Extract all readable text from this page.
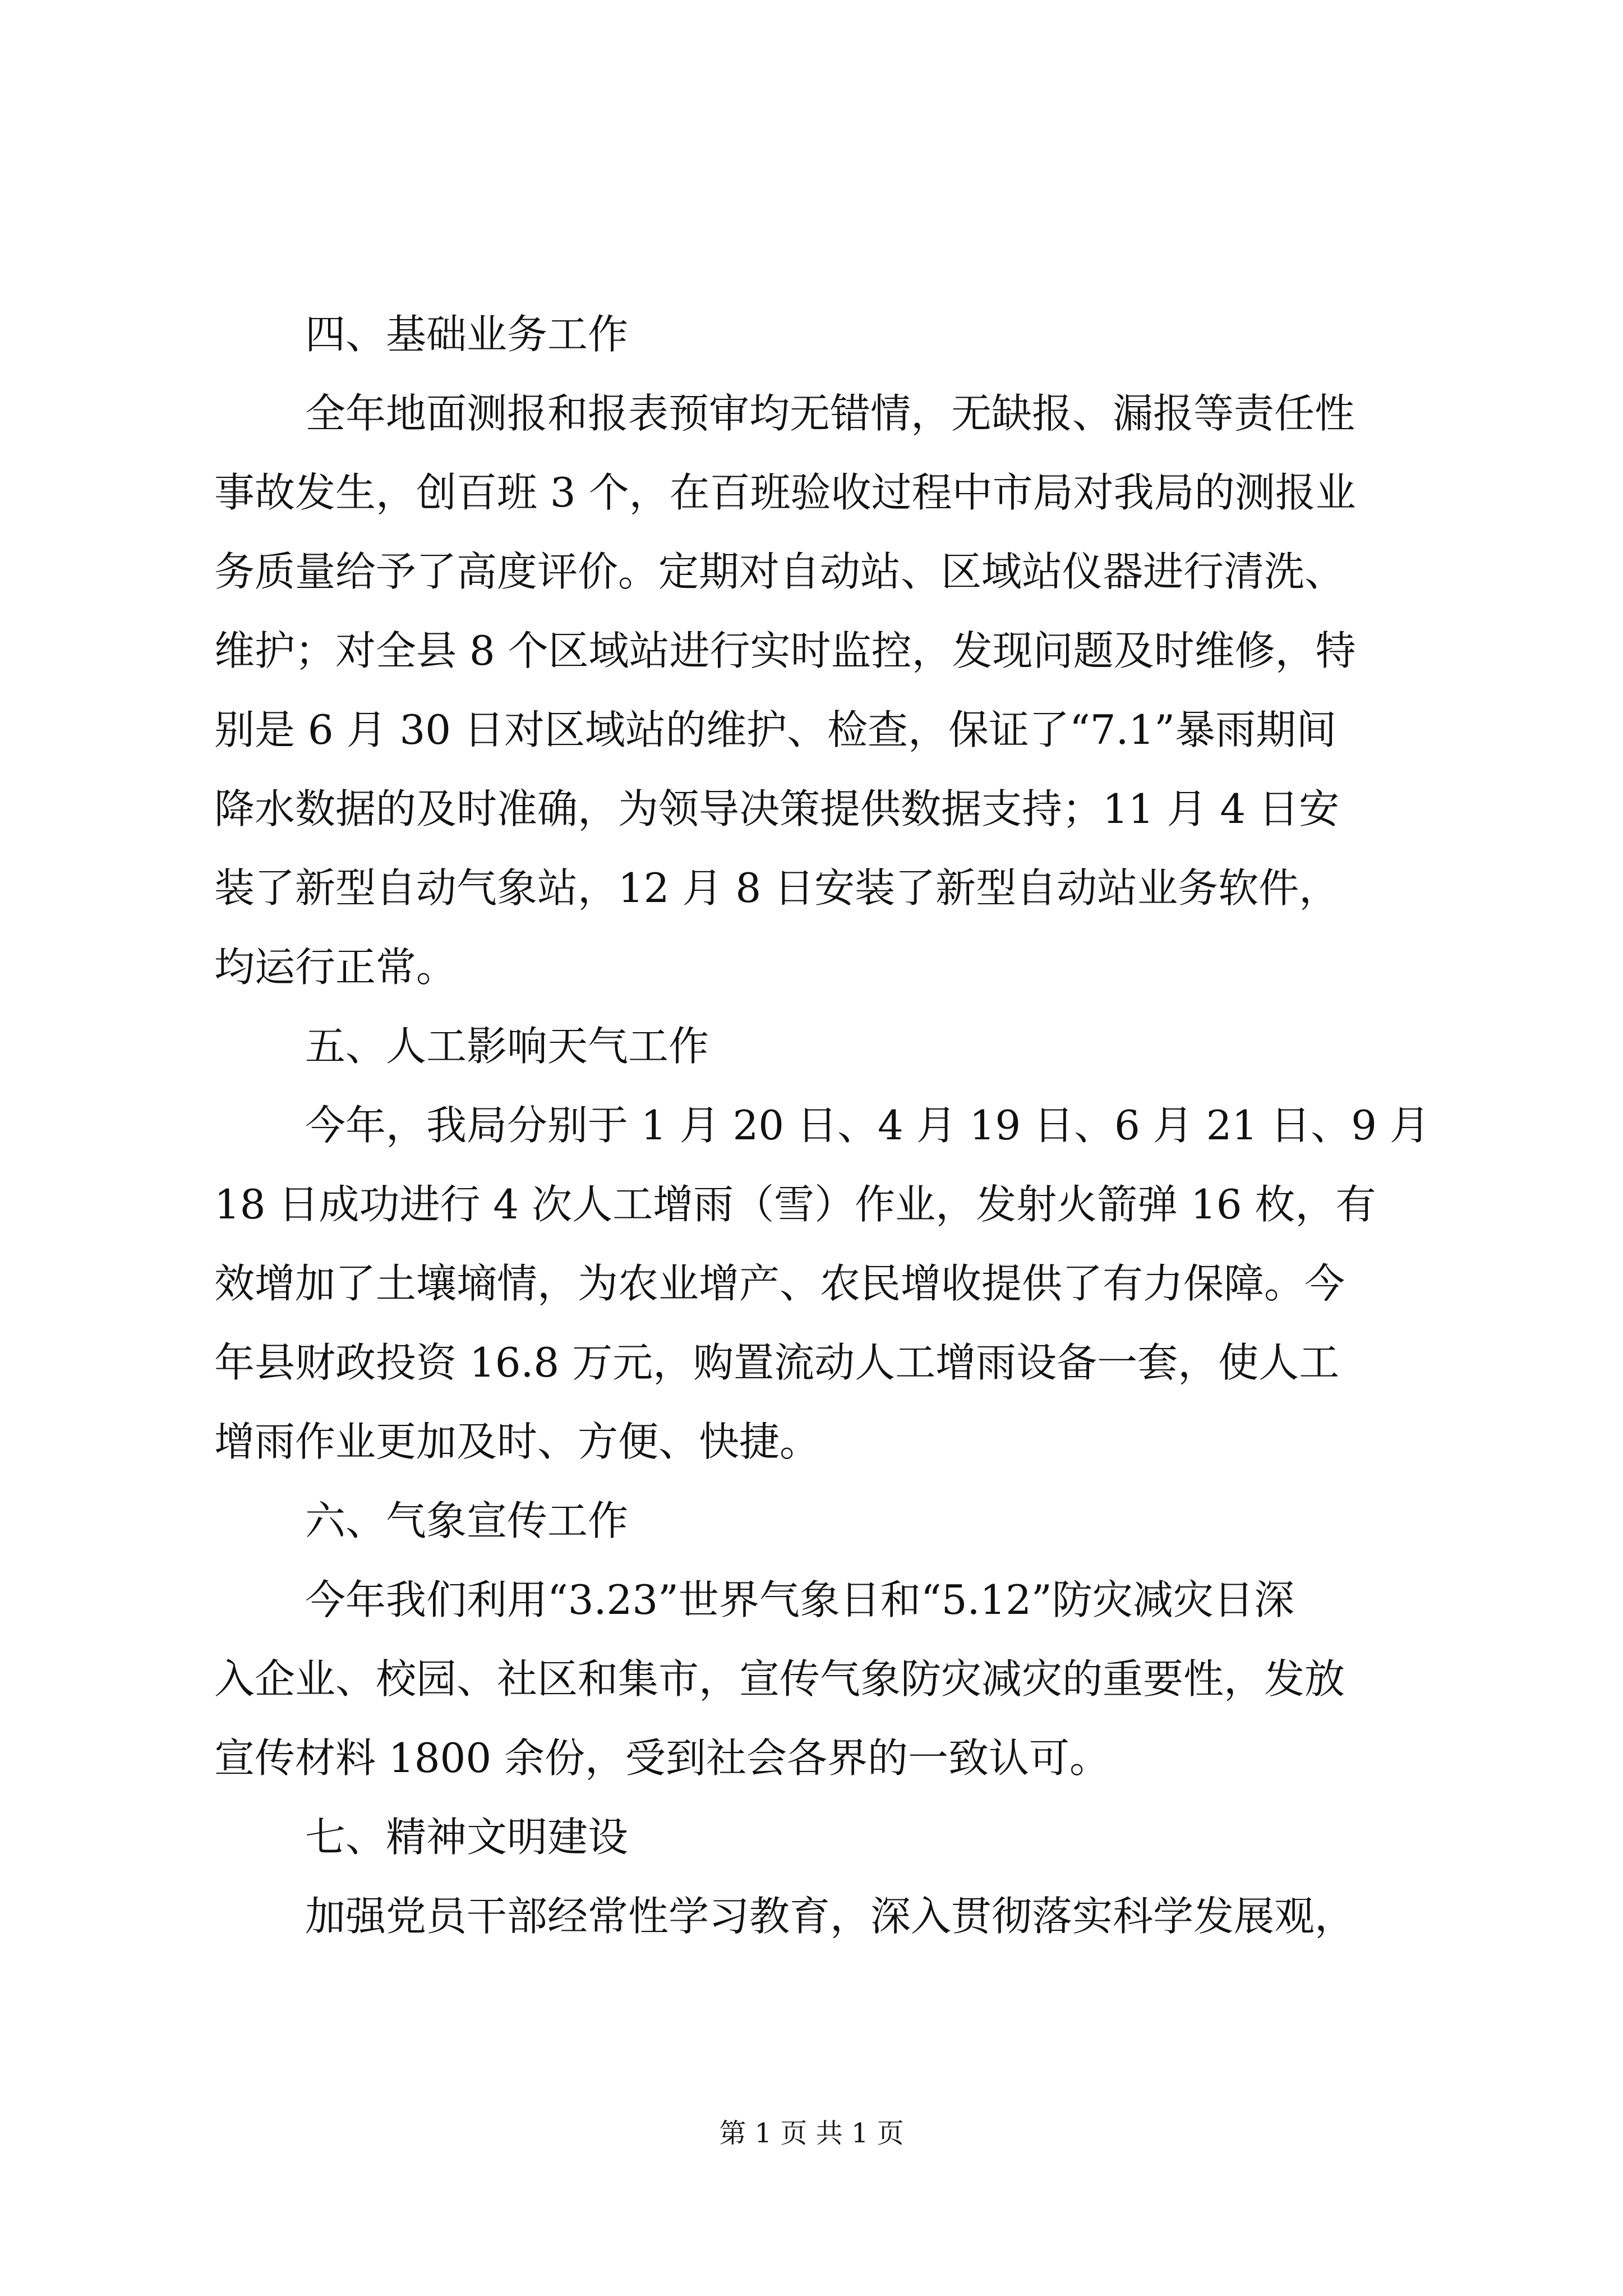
四、基础业务工作

全年地面测报和报表预审均无错情，无缺报、漏报等责任性

事故发生，创百班 3 个，在百班验收过程中市局对我局的测报业

务质量给予了高度评价。定期对自动站、区域站仪器进行清洗、

维护；对全县 8 个区域站进行实时监控，发现问题及时维修，特

别是 6 月 30 日对区域站的维护、检查，保证了“7.1”暴雨期间

降水数据的及时准确，为领导决策提供数据支持；11 月 4 日安

装了新型自动气象站，12 月 8 日安装了新型自动站业务软件，

均运行正常。

五、人工影响天气工作

今年，我局分别于 1 月 20 日、4 月 19 日、6 月 21 日、9 月

18 日成功进行 4 次人工增雨（雪）作业，发射火箭弹 16 枚，有

效增加了土壤墒情，为农业增产、农民增收提供了有力保障。今

年县财政投资 16.8 万元，购置流动人工增雨设备一套，使人工

增雨作业更加及时、方便、快捷。

六、气象宣传工作

今年我们利用“3.23”世界气象日和“5.12”防灾减灾日深

入企业、校园、社区和集市，宣传气象防灾减灾的重要性，发放

宣传材料 1800 余份，受到社会各界的一致认可。

七、精神文明建设

加强党员干部经常性学习教育，深入贯彻落实科学发展观，

第 1 页 共 1 页
